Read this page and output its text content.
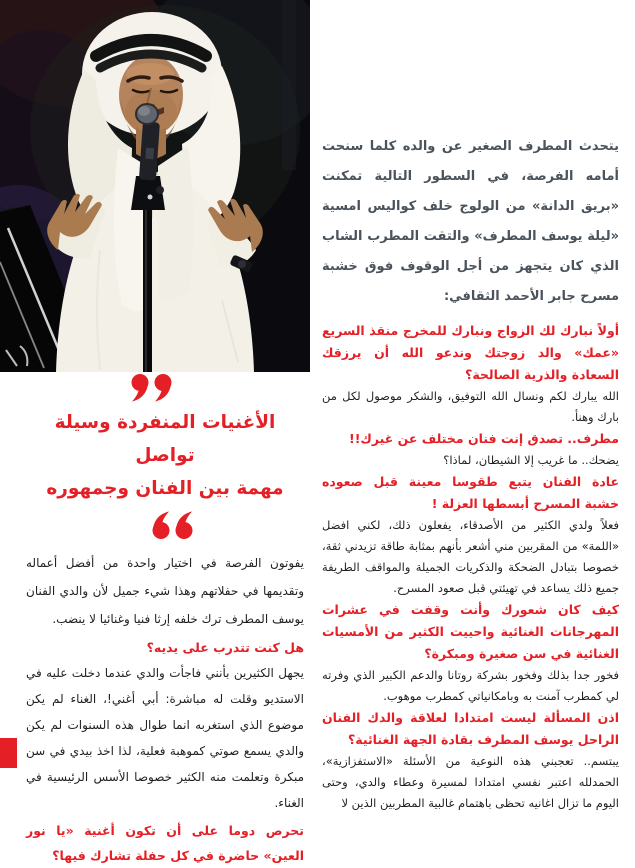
يتحدث المطرف الصغير عن والده كلما سنحت أمامه الفرصة، في السطور التالية تمكنت «بريق الدانة» من الولوج خلف كواليس امسية «ليلة يوسف المطرف» والتقت المطرب الشاب الذي كان يتجهز من أجل الوقوف فوق خشبة مسرح جابر الأحمد الثقافي:

أولاً نبارك لك الزواج ونبارك للمخرج منقذ السريع «عمك» والد زوجتك وندعو الله أن يرزقك السعادة والذرية الصالحة؟

الله يبارك لكم ونسال الله التوفيق، والشكر موصول لكل من بارك وهنأ.

مطرف.. تصدق إنت فنان مختلف عن غيرك!!

يضحك.. ما غريب إلا الشيطان، لماذا؟

عادة الفنان يتبع طقوسا معينة قبل صعوده خشبة المسرح أبسطها العزلة !

فعلاً ولدي الكثير من الأصدقاء، يفعلون ذلك، لكني افضل «اللمة» من المقربين مني أشعر بأنهم بمثابة طاقة تزيدني ثقة، خصوصا بتبادل الضحكة والذكريات الجميلة والمواقف الطريفة جميع ذلك يساعد في تهيئتي قبل صعود المسرح.

كيف كان شعورك وأنت وقفت في عشرات المهرجانات الغنائية واحييت الكثير من الأمسيات الغنائية في سن صغيرة ومبكرة؟

فخور جدا بذلك وفخور بشركة روتانا والدعم الكبير الذي وفرته لي كمطرب آمنت به وبامكانياتي كمطرب موهوب.

اذن المسألة ليست امتدادا لعلاقة والدك الفنان الراحل يوسف المطرف بقادة الجهة الغنائية؟

يبتسم.. تعجبني هذه النوعية من الأسئلة «الاستفزازية»، الحمدلله اعتبر نفسي امتدادا لمسيرة وعطاء والدي، وحتى اليوم ما تزال اغانيه تحظى باهتمام غالبية المطربين الذين لا

الأغنيات المنفردة وسيلة تواصل
مهمة بين الفنان وجمهوره

يفوتون الفرصة في اختيار واحدة من أفضل أعماله وتقديمها في حفلاتهم وهذا شيء جميل لأن والدي الفنان يوسف المطرف ترك خلفه إرثا فنيا وغنائيا لا ينضب.

هل كنت تتدرب على يديه؟

يجهل الكثيرين بأنني فاجأت والدي عندما دخلت عليه في الاستديو وقلت له مباشرة: أبي أغني!، الغناء لم يكن موضوع الذي استغربه انما طوال هذه السنوات لم يكن والدي يسمع صوتي كموهبة فعلية، لذا اخذ بيدي في سن مبكرة وتعلمت منه الكثير خصوصا الأسس الرئيسية في الغناء.

تحرص دوما على أن تكون أغنية «يا نور العين» حاضرة في كل حفلة تشارك فيها؟
